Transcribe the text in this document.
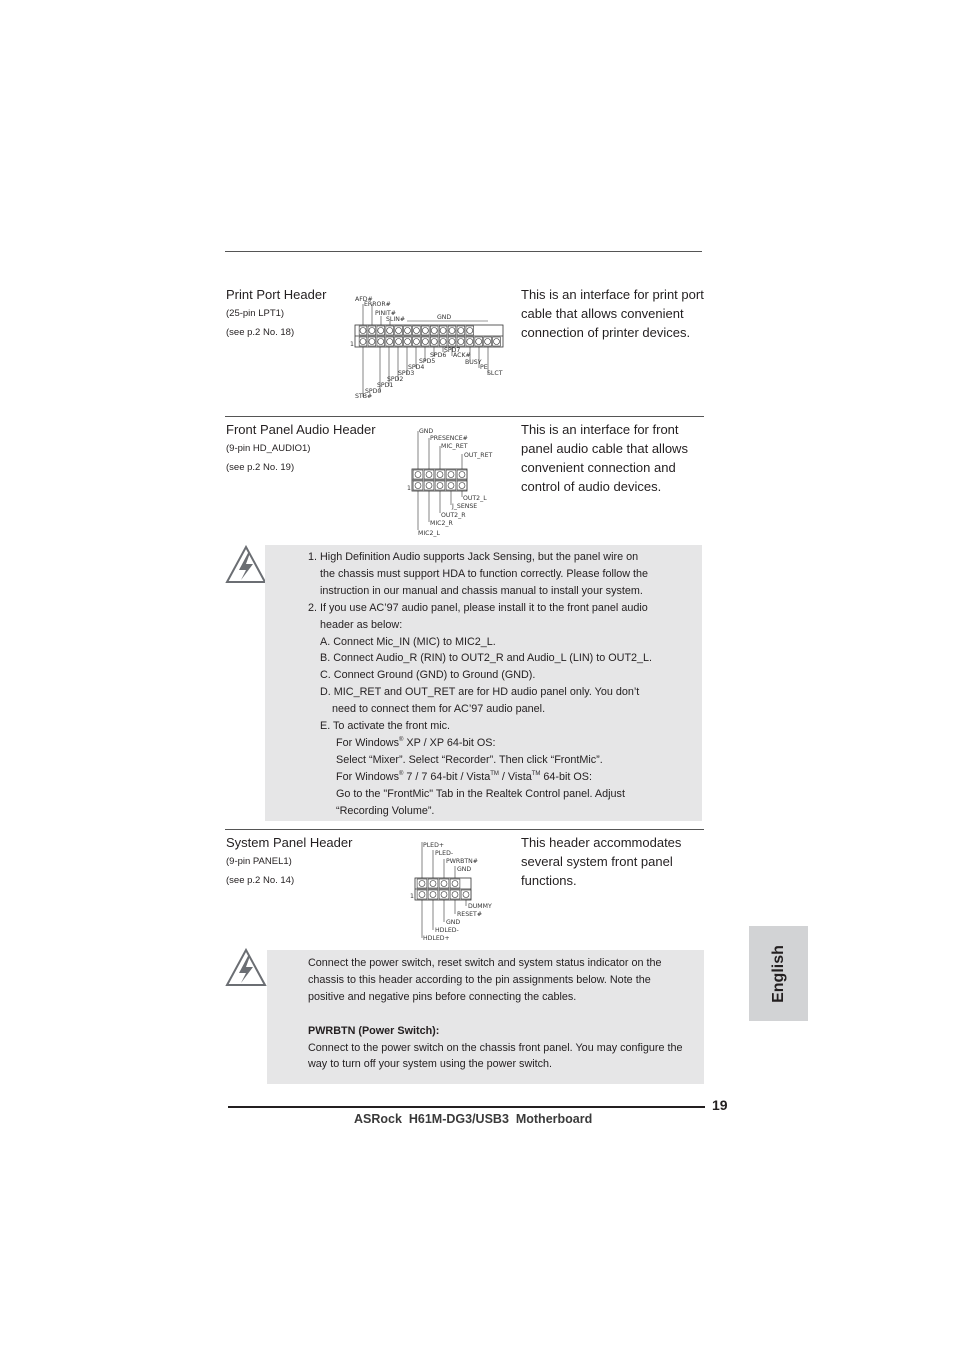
Print Port Header
(25-pin LPT1)
(see p.2 No. 18)
This is an interface for print port cable that allows convenient connection of printer devices.
1
AFD#
ERROR#
PINIT#
SLIN#	GND
STB#
SPD0
SPD1
SPD2
SPD3
SPD4
SPD5
SPD6
SPD7
ACK#
BUSY
PE
SLCT
Front Panel Audio Header
(9-pin HD_AUDIO1)
(see p.2 No. 19)
This is an interface for front panel audio cable that allows convenient connection and control of audio devices.
1
GND
PRESENCE#
MIC_RET
OUT_RET
OUT2_L
J_SENSE
OUT2_R
MIC2_R
MIC2_L

1. High Definition Audio supports Jack Sensing, but the panel wire on

the chassis must support HDA to function correctly. Please follow the

instruction in our manual and chassis manual to install your system.

2. If you use AC’97 audio panel, please install it to the front panel audio

header as below:

A. Connect Mic_IN (MIC) to MIC2_L.

B. Connect Audio_R (RIN) to OUT2_R and Audio_L (LIN) to OUT2_L.

C. Connect Ground (GND) to Ground (GND).

D. MIC_RET and OUT_RET are for HD audio panel only. You don’t

need to connect them for AC’97 audio panel.

E. To activate the front mic.

For Windows® XP / XP 64-bit OS:

Select “Mixer”. Select “Recorder”. Then click “FrontMic”.

For Windows® 7 / 7 64-bit / Vista™ / Vista™ 64-bit OS:

Go to the "FrontMic" Tab in the Realtek Control panel. Adjust

“Recording Volume”.

System Panel Header
(9-pin PANEL1)
(see p.2 No. 14)
This header accommodates several system front panel functions.
1
PLED+
PLED-
PWRBTN#
GND
DUMMY
RESET#
GND
HDLED-
HDLED+

Connect the power switch, reset switch and system status indicator on the chassis to this header according to the pin assignments below. Note the positive and negative pins before connecting the cables.

PWRBTN (Power Switch):

Connect to the power switch on the chassis front panel. You may configure the way to turn off your system using the power switch.

English
19
ASRock  H61M-DG3/USB3  Motherboard
